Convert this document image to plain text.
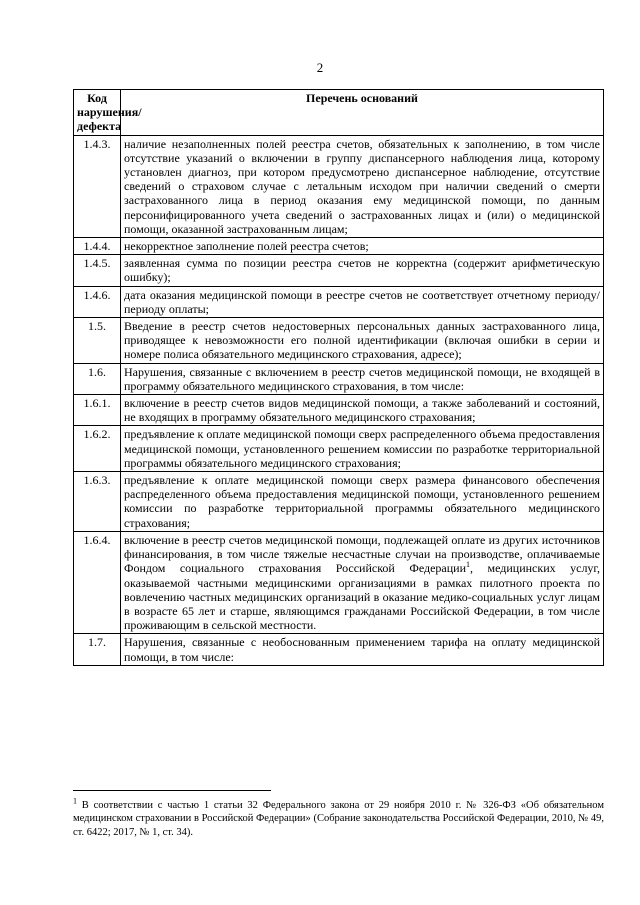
2
Код нарушения/ дефекта	Перечень оснований
1.4.3.	наличие незаполненных полей реестра счетов, обязательных к заполнению, в том числе отсутствие указаний о включении в группу диспансерного наблюдения лица, которому установлен диагноз, при котором предусмотрено диспансерное наблюдение, отсутствие сведений о страховом случае с летальным исходом при наличии сведений о смерти застрахованного лица в период оказания ему медицинской помощи, по данным персонифицированного учета сведений о застрахованных лицах и (или) о медицинской помощи, оказанной застрахованным лицам;
1.4.4.	некорректное заполнение полей реестра счетов;
1.4.5.	заявленная сумма по позиции реестра счетов не корректна (содержит арифметическую ошибку);
1.4.6.	дата оказания медицинской помощи в реестре счетов не соответствует отчетному периоду/периоду оплаты;
1.5.	Введение в реестр счетов недостоверных персональных данных застрахованного лица, приводящее к невозможности его полной идентификации (включая ошибки в серии и номере полиса обязательного медицинского страхования, адресе);
1.6.	Нарушения, связанные с включением в реестр счетов медицинской помощи, не входящей в программу обязательного медицинского страхования, в том числе:
1.6.1.	включение в реестр счетов видов медицинской помощи, а также заболеваний и состояний, не входящих в программу обязательного медицинского страхования;
1.6.2.	предъявление к оплате медицинской помощи сверх распределенного объема предоставления медицинской помощи, установленного решением комиссии по разработке территориальной программы обязательного медицинского страхования;
1.6.3.	предъявление к оплате медицинской помощи сверх размера финансового обеспечения распределенного объема предоставления медицинской помощи, установленного решением комиссии по разработке территориальной программы обязательного медицинского страхования;
1.6.4.	включение в реестр счетов медицинской помощи, подлежащей оплате из других источников финансирования, в том числе тяжелые несчастные случаи на производстве, оплачиваемые Фондом социального страхования Российской Федерации$^1$, медицинских услуг, оказываемой частными медицинскими организациями в рамках пилотного проекта по вовлечению частных медицинских организаций в оказание медико-социальных услуг лицам в возрасте 65 лет и старше, являющимся гражданами Российской Федерации, в том числе проживающим в сельской местности.
1.7.	Нарушения, связанные с необоснованным применением тарифа на оплату медицинской помощи, в том числе:
$^1$ В соответствии с частью 1 статьи 32 Федерального закона от 29 ноября 2010 г. № 326-ФЗ «Об обязательном медицинском страховании в Российской Федерации» (Собрание законодательства Российской Федерации, 2010, № 49, ст. 6422; 2017, № 1, ст. 34).
